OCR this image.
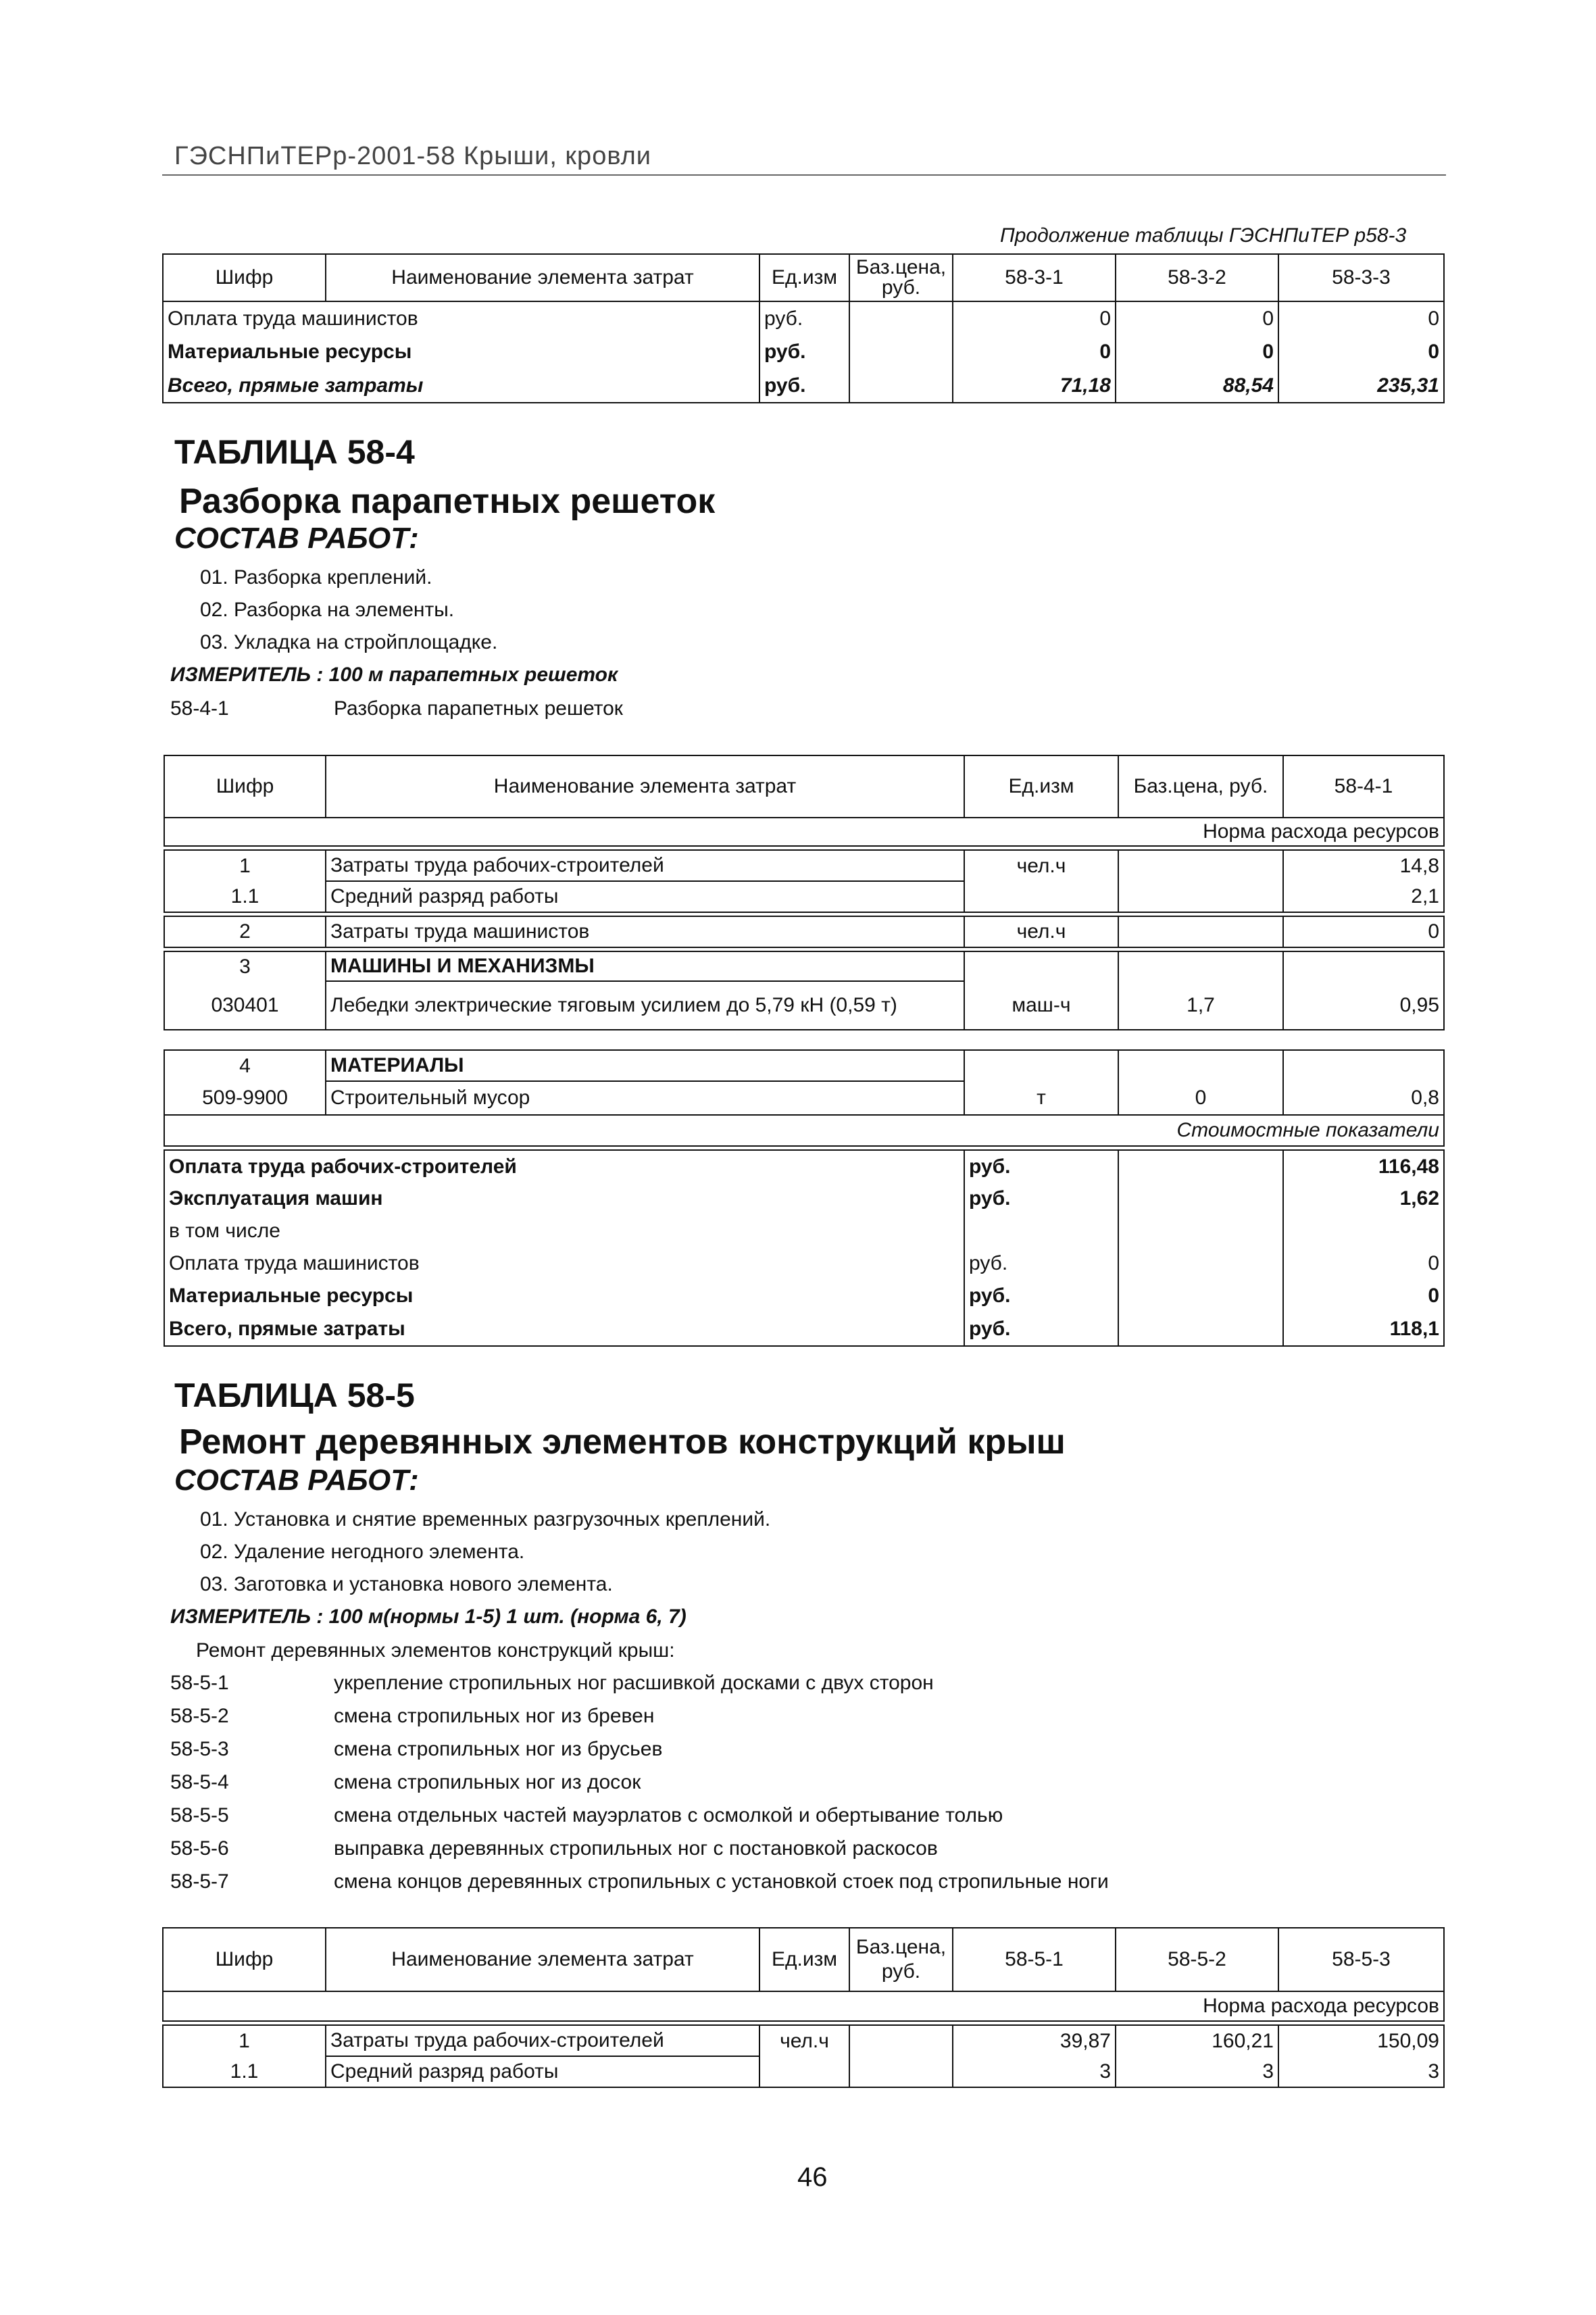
ГЭСНПиТЕРр-2001-58 Крыши, кровли
Продолжение таблицы ГЭСНПиТЕР р58-3
Шифр	Наименование элемента затрат	Ед.изм	Баз.цена, руб.	58-3-1	58-3-2	58-3-3
Оплата труда машинистов		руб.		0	0	0
Материальные ресурсы		руб.		0	0	0
Всего, прямые затраты		руб.		71,18	88,54	235,31
ТАБЛИЦА 58-4
Разборка парапетных решеток
СОСТАВ РАБОТ:
01. Разборка креплений.
02. Разборка на элементы.
03. Укладка на стройплощадке.
ИЗМЕРИТЕЛЬ : 100 м парапетных решеток
58-4-1	Разборка парапетных решеток
Шифр	Наименование элемента затрат	Ед.изм	Баз.цена, руб.	58-4-1
Норма расхода ресурсов				

1	Затраты труда рабочих-строителей	чел.ч		14,8
1.1	Средний разряд работы			2,1

2	Затраты труда машинистов	чел.ч		0

3	МАШИНЫ И МЕХАНИЗМЫ			
030401	Лебедки электрические тяговым усилием до 5,79 кН (0,59 т)	маш-ч	1,7	0,95

4	МАТЕРИАЛЫ			
509-9900	Строительный мусор	т	0	0,8
Стоимостные показатели				

Оплата труда рабочих-строителей		руб.		116,48
Эксплуатация машин		руб.		1,62
в том числе				
Оплата труда машинистов		руб.		0
Материальные ресурсы		руб.		0
Всего, прямые затраты		руб.		118,1
ТАБЛИЦА 58-5
Ремонт деревянных элементов конструкций крыш
СОСТАВ РАБОТ:
01. Установка и снятие временных разгрузочных креплений.
02. Удаление негодного элемента.
03. Заготовка и установка нового элемента.
ИЗМЕРИТЕЛЬ : 100 м(нормы 1-5) 1 шт. (норма 6, 7)
Ремонт деревянных элементов конструкций крыш:
58-5-1	укрепление стропильных ног расшивкой досками с двух сторон
58-5-2	смена стропильных ног из бревен
58-5-3	смена стропильных ног из брусьев
58-5-4	смена стропильных ног из досок
58-5-5	смена отдельных частей мауэрлатов с осмолкой и обертывание толью
58-5-6	выправка деревянных стропильных ног с постановкой раскосов
58-5-7	смена концов деревянных стропильных с установкой стоек под стропильные ноги
Шифр	Наименование элемента затрат	Ед.изм	Баз.цена, руб.	58-5-1	58-5-2	58-5-3
Норма расхода ресурсов						

1	Затраты труда рабочих-строителей	чел.ч		39,87	160,21	150,09
1.1	Средний разряд работы			3	3	3
46
